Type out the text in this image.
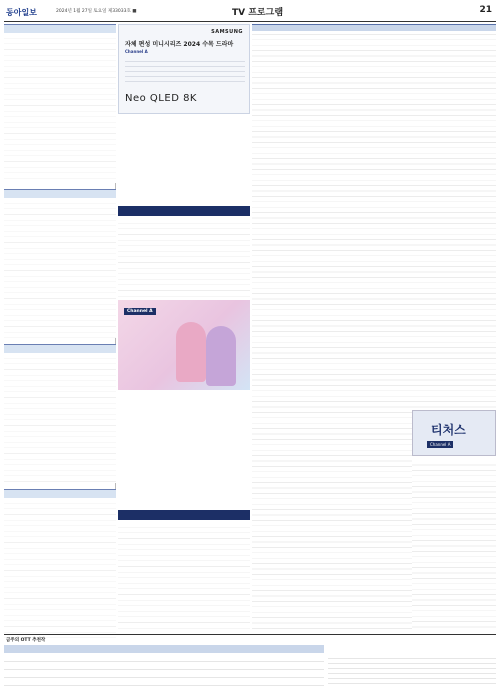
동아일보	2024년 1월 27일 토요일 제33033호 ■	TV 프로그램	21
SAMSUNG
자체 편성 미니시리즈 2024 수목 드라마
Channel A
Neo QLED 8K
Channel A
티처스
Channel A
금주의 OTT 추천작
